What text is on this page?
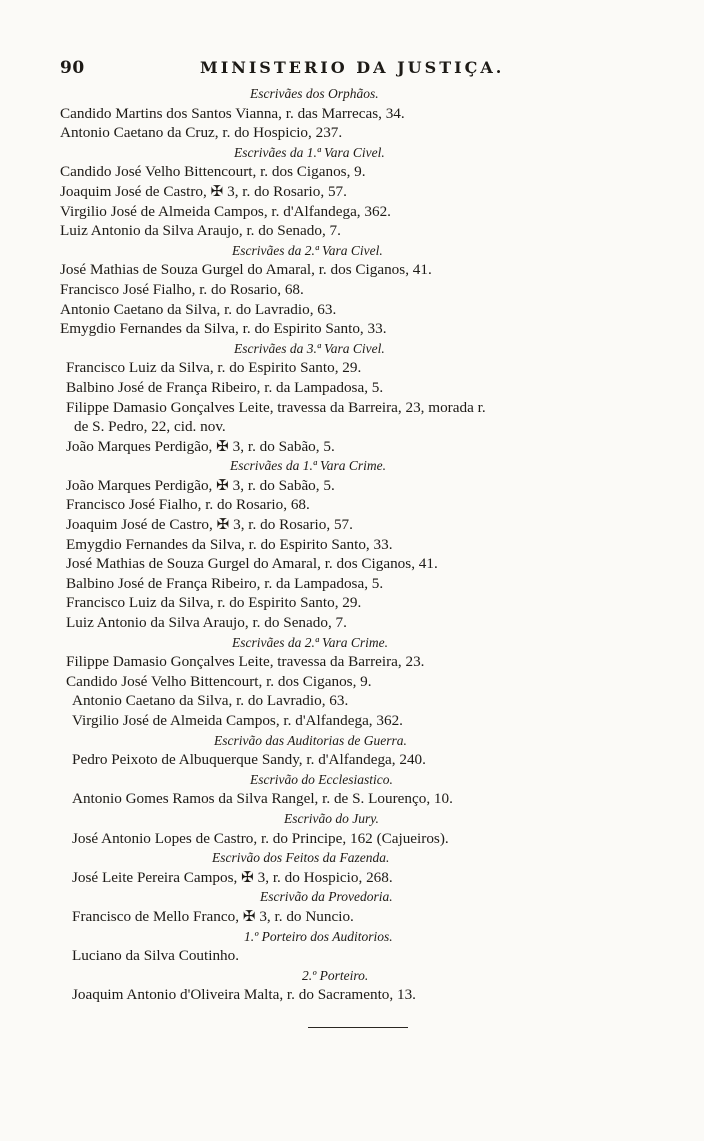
90	MINISTERIO DA JUSTIÇA.
Escrivães dos Orphãos.
Candido Martins dos Santos Vianna, r. das Marrecas, 34.
Antonio Caetano da Cruz, r. do Hospicio, 237.
Escrivães da 1.ª Vara Civel.
Candido José Velho Bittencourt, r. dos Ciganos, 9.
Joaquim José de Castro, ✠ 3, r. do Rosario, 57.
Virgilio José de Almeida Campos, r. d'Alfandega, 362.
Luiz Antonio da Silva Araujo, r. do Senado, 7.
Escrivães da 2.ª Vara Civel.
José Mathias de Souza Gurgel do Amaral, r. dos Ciganos, 41.
Francisco José Fialho, r. do Rosario, 68.
Antonio Caetano da Silva, r. do Lavradio, 63.
Emygdio Fernandes da Silva, r. do Espirito Santo, 33.
Escrivães da 3.ª Vara Civel.
Francisco Luiz da Silva, r. do Espirito Santo, 29.
Balbino José de França Ribeiro, r. da Lampadosa, 5.
Filippe Damasio Gonçalves Leite, travessa da Barreira, 23, morada r.
de S. Pedro, 22, cid. nov.
João Marques Perdigão, ✠ 3, r. do Sabão, 5.
Escrivães da 1.ª Vara Crime.
João Marques Perdigão, ✠ 3, r. do Sabão, 5.
Francisco José Fialho, r. do Rosario, 68.
Joaquim José de Castro, ✠ 3, r. do Rosario, 57.
Emygdio Fernandes da Silva, r. do Espirito Santo, 33.
José Mathias de Souza Gurgel do Amaral, r. dos Ciganos, 41.
Balbino José de França Ribeiro, r. da Lampadosa, 5.
Francisco Luiz da Silva, r. do Espirito Santo, 29.
Luiz Antonio da Silva Araujo, r. do Senado, 7.
Escrivães da 2.ª Vara Crime.
Filippe Damasio Gonçalves Leite, travessa da Barreira, 23.
Candido José Velho Bittencourt, r. dos Ciganos, 9.
Antonio Caetano da Silva, r. do Lavradio, 63.
Virgilio José de Almeida Campos, r. d'Alfandega, 362.
Escrivão das Auditorias de Guerra.
Pedro Peixoto de Albuquerque Sandy, r. d'Alfandega, 240.
Escrivão do Ecclesiastico.
Antonio Gomes Ramos da Silva Rangel, r. de S. Lourenço, 10.
Escrivão do Jury.
José Antonio Lopes de Castro, r. do Principe, 162 (Cajueiros).
Escrivão dos Feitos da Fazenda.
José Leite Pereira Campos, ✠ 3, r. do Hospicio, 268.
Escrivão da Provedoria.
Francisco de Mello Franco, ✠ 3, r. do Nuncio.
1.º Porteiro dos Auditorios.
Luciano da Silva Coutinho.
2.º Porteiro.
Joaquim Antonio d'Oliveira Malta, r. do Sacramento, 13.
